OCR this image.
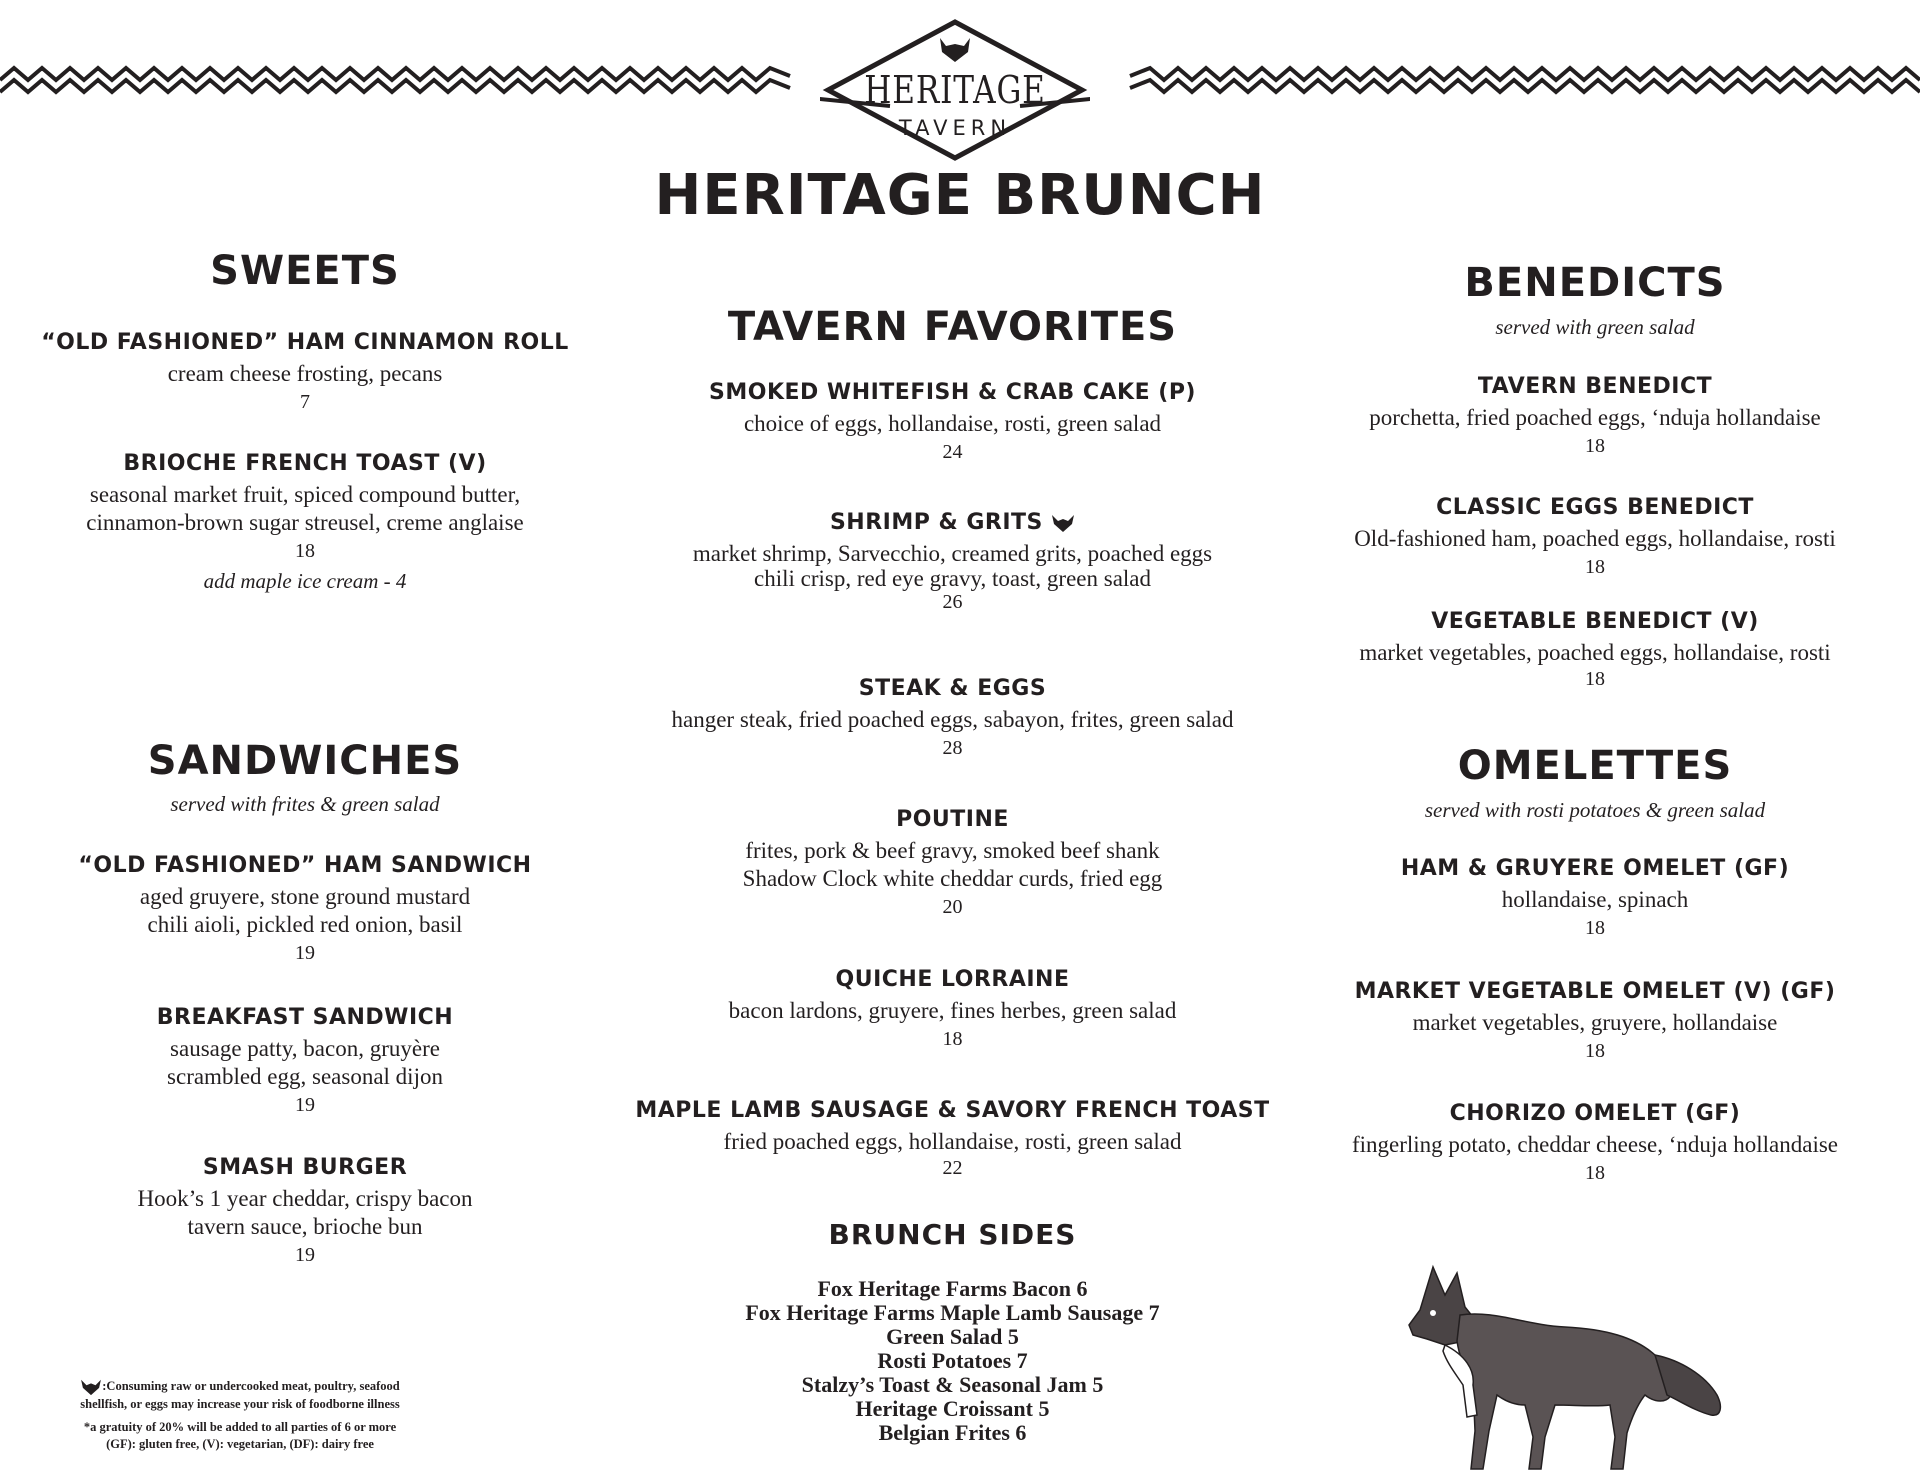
HERITAGE
TAVERN
HERITAGE BRUNCH
SWEETS
“OLD FASHIONED” HAM CINNAMON ROLL
cream cheese frosting, pecans
7
BRIOCHE FRENCH TOAST (V)
seasonal market fruit, spiced compound butter,
cinnamon-brown sugar streusel, creme anglaise
18
add maple ice cream - 4
SANDWICHES
served with frites & green salad
“OLD FASHIONED” HAM SANDWICH
aged gruyere, stone ground mustard
chili aioli, pickled red onion, basil
19
BREAKFAST SANDWICH
sausage patty, bacon, gruyère
scrambled egg, seasonal dijon
19
SMASH BURGER
Hook’s 1 year cheddar, crispy bacon
tavern sauce, brioche bun
19
TAVERN FAVORITES
SMOKED WHITEFISH & CRAB CAKE (P)
choice of eggs, hollandaise, rosti, green salad
24
SHRIMP & GRITS
market shrimp, Sarvecchio, creamed grits, poached eggs
chili crisp, red eye gravy, toast, green salad
26
STEAK & EGGS
hanger steak, fried poached eggs, sabayon, frites, green salad
28
POUTINE
frites, pork & beef gravy, smoked beef shank
Shadow Clock white cheddar curds, fried egg
20
QUICHE LORRAINE
bacon lardons, gruyere, fines herbes, green salad
18
MAPLE LAMB SAUSAGE & SAVORY FRENCH TOAST
fried poached eggs, hollandaise, rosti, green salad
22
BRUNCH SIDES
Fox Heritage Farms Bacon 6
Fox Heritage Farms Maple Lamb Sausage 7
Green Salad 5
Rosti Potatoes 7
Stalzy’s Toast & Seasonal Jam 5
Heritage Croissant 5
Belgian Frites 6
BENEDICTS
served with green salad
TAVERN BENEDICT
porchetta, fried poached eggs, ‘nduja hollandaise
18
CLASSIC EGGS BENEDICT
Old-fashioned ham, poached eggs, hollandaise, rosti
18
VEGETABLE BENEDICT (V)
market vegetables, poached eggs, hollandaise, rosti
18
OMELETTES
served with rosti potatoes & green salad
HAM & GRUYERE OMELET (GF)
hollandaise, spinach
18
MARKET VEGETABLE OMELET (V) (GF)
market vegetables, gruyere, hollandaise
18
CHORIZO OMELET (GF)
fingerling potato, cheddar cheese, ‘nduja hollandaise
18
:Consuming raw or undercooked meat, poultry, seafood
shellfish, or eggs may increase your risk of foodborne illness
*a gratuity of 20% will be added to all parties of 6 or more
(GF): gluten free, (V): vegetarian, (DF): dairy free
